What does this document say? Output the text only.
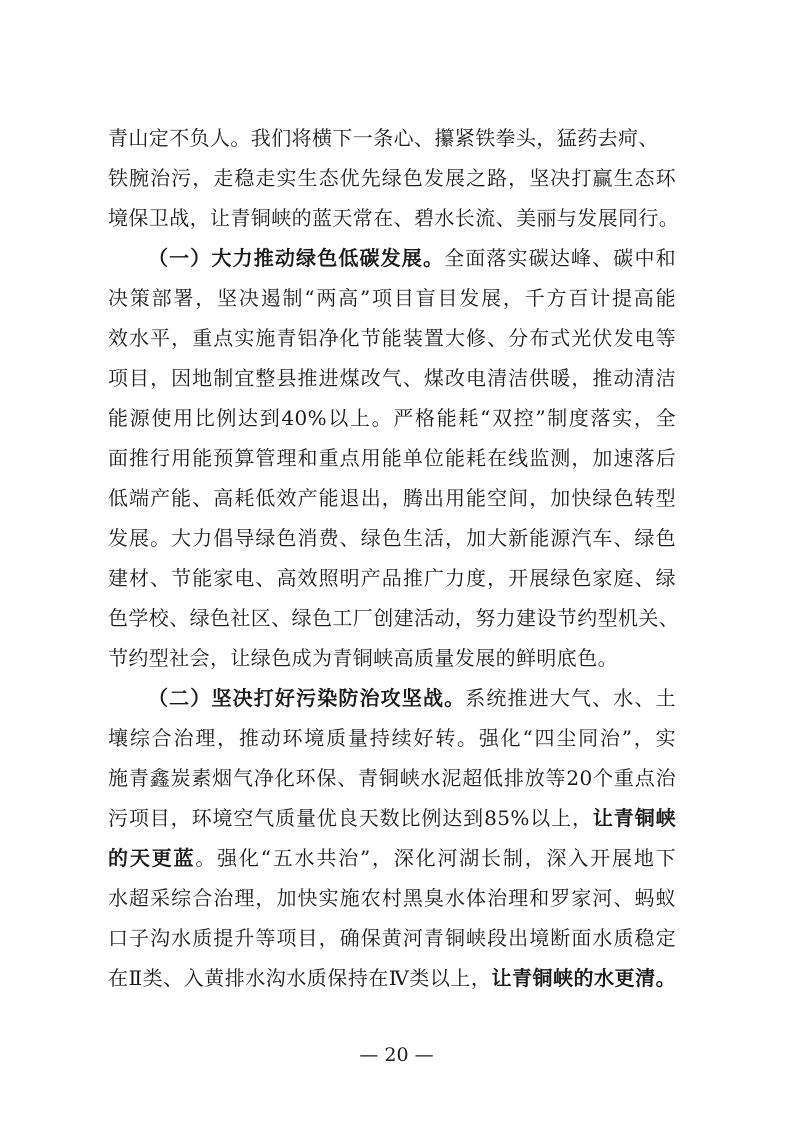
青山定不负人。我们将横下一条心、攥紧铁拳头，猛药去疴、
铁腕治污，走稳走实生态优先绿色发展之路，坚决打赢生态环
境保卫战，让青铜峡的蓝天常在、碧水长流、美丽与发展同行。
（一）大力推动绿色低碳发展。全面落实碳达峰、碳中和
决策部署，坚决遏制“两高”项目盲目发展，千方百计提高能
效水平，重点实施青铝净化节能装置大修、分布式光伏发电等
项目，因地制宜整县推进煤改气、煤改电清洁供暖，推动清洁
能源使用比例达到40%以上。严格能耗“双控”制度落实，全
面推行用能预算管理和重点用能单位能耗在线监测，加速落后
低端产能、高耗低效产能退出，腾出用能空间，加快绿色转型
发展。大力倡导绿色消费、绿色生活，加大新能源汽车、绿色
建材、节能家电、高效照明产品推广力度，开展绿色家庭、绿
色学校、绿色社区、绿色工厂创建活动，努力建设节约型机关、
节约型社会，让绿色成为青铜峡高质量发展的鲜明底色。
（二）坚决打好污染防治攻坚战。系统推进大气、水、土
壤综合治理，推动环境质量持续好转。强化“四尘同治”，实
施青鑫炭素烟气净化环保、青铜峡水泥超低排放等20个重点治
污项目，环境空气质量优良天数比例达到85%以上，让青铜峡
的天更蓝。强化“五水共治”，深化河湖长制，深入开展地下
水超采综合治理，加快实施农村黑臭水体治理和罗家河、蚂蚁
口子沟水质提升等项目，确保黄河青铜峡段出境断面水质稳定
在Ⅱ类、入黄排水沟水质保持在Ⅳ类以上，让青铜峡的水更清。
— 20 —
